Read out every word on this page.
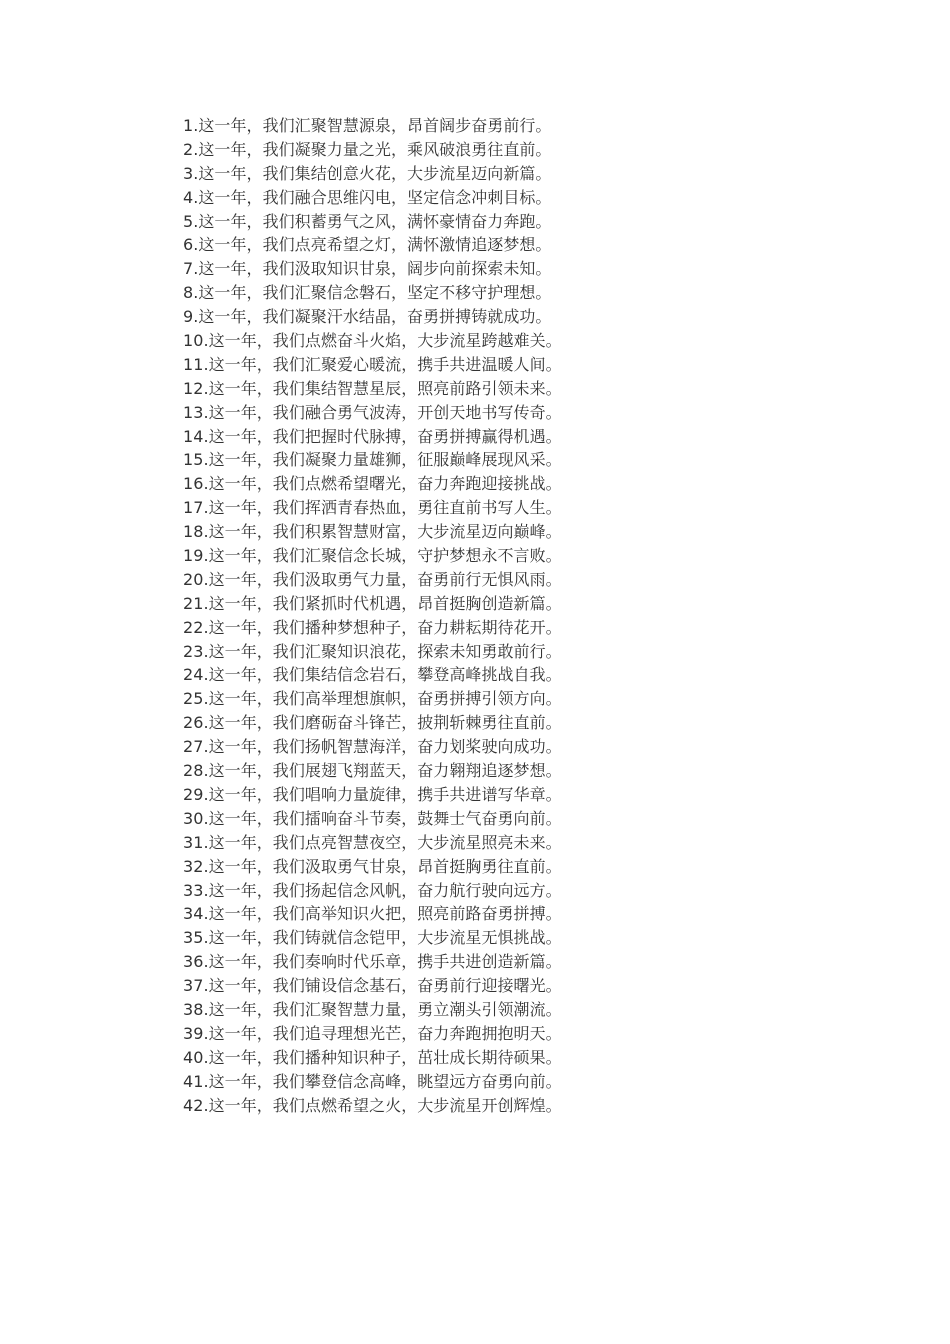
1.这一年，我们汇聚智慧源泉，昂首阔步奋勇前行。
2.这一年，我们凝聚力量之光，乘风破浪勇往直前。
3.这一年，我们集结创意火花，大步流星迈向新篇。
4.这一年，我们融合思维闪电，坚定信念冲刺目标。
5.这一年，我们积蓄勇气之风，满怀豪情奋力奔跑。
6.这一年，我们点亮希望之灯，满怀激情追逐梦想。
7.这一年，我们汲取知识甘泉，阔步向前探索未知。
8.这一年，我们汇聚信念磐石，坚定不移守护理想。
9.这一年，我们凝聚汗水结晶，奋勇拼搏铸就成功。
10.这一年，我们点燃奋斗火焰，大步流星跨越难关。
11.这一年，我们汇聚爱心暖流，携手共进温暖人间。
12.这一年，我们集结智慧星辰，照亮前路引领未来。
13.这一年，我们融合勇气波涛，开创天地书写传奇。
14.这一年，我们把握时代脉搏，奋勇拼搏赢得机遇。
15.这一年，我们凝聚力量雄狮，征服巅峰展现风采。
16.这一年，我们点燃希望曙光，奋力奔跑迎接挑战。
17.这一年，我们挥洒青春热血，勇往直前书写人生。
18.这一年，我们积累智慧财富，大步流星迈向巅峰。
19.这一年，我们汇聚信念长城，守护梦想永不言败。
20.这一年，我们汲取勇气力量，奋勇前行无惧风雨。
21.这一年，我们紧抓时代机遇，昂首挺胸创造新篇。
22.这一年，我们播种梦想种子，奋力耕耘期待花开。
23.这一年，我们汇聚知识浪花，探索未知勇敢前行。
24.这一年，我们集结信念岩石，攀登高峰挑战自我。
25.这一年，我们高举理想旗帜，奋勇拼搏引领方向。
26.这一年，我们磨砺奋斗锋芒，披荆斩棘勇往直前。
27.这一年，我们扬帆智慧海洋，奋力划桨驶向成功。
28.这一年，我们展翅飞翔蓝天，奋力翱翔追逐梦想。
29.这一年，我们唱响力量旋律，携手共进谱写华章。
30.这一年，我们擂响奋斗节奏，鼓舞士气奋勇向前。
31.这一年，我们点亮智慧夜空，大步流星照亮未来。
32.这一年，我们汲取勇气甘泉，昂首挺胸勇往直前。
33.这一年，我们扬起信念风帆，奋力航行驶向远方。
34.这一年，我们高举知识火把，照亮前路奋勇拼搏。
35.这一年，我们铸就信念铠甲，大步流星无惧挑战。
36.这一年，我们奏响时代乐章，携手共进创造新篇。
37.这一年，我们铺设信念基石，奋勇前行迎接曙光。
38.这一年，我们汇聚智慧力量，勇立潮头引领潮流。
39.这一年，我们追寻理想光芒，奋力奔跑拥抱明天。
40.这一年，我们播种知识种子，茁壮成长期待硕果。
41.这一年，我们攀登信念高峰，眺望远方奋勇向前。
42.这一年，我们点燃希望之火，大步流星开创辉煌。
